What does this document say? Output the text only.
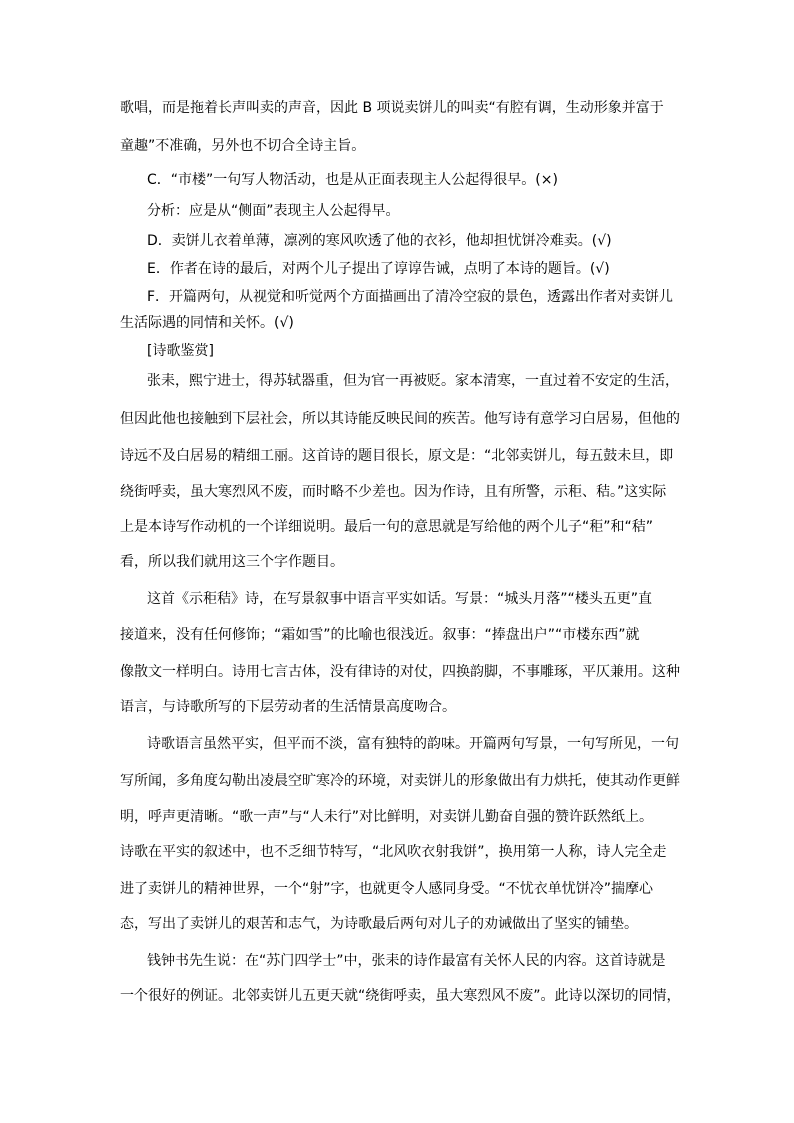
歌唱，而是拖着长声叫卖的声音，因此 B 项说卖饼儿的叫卖“有腔有调，生动形象并富于
童趣”不准确，另外也不切合全诗主旨。
C．“市楼”一句写人物活动，也是从正面表现主人公起得很早。(×)
分析：应是从“侧面”表现主人公起得早。
D．卖饼儿衣着单薄，凛冽的寒风吹透了他的衣衫，他却担忧饼冷难卖。(√)
E．作者在诗的最后，对两个儿子提出了谆谆告诫，点明了本诗的题旨。(√)
F．开篇两句，从视觉和听觉两个方面描画出了清冷空寂的景色，透露出作者对卖饼儿
生活际遇的同情和关怀。(√)
[诗歌鉴赏]
张耒，熙宁进士，得苏轼器重，但为官一再被贬。家本清寒，一直过着不安定的生活，
但因此他也接触到下层社会，所以其诗能反映民间的疾苦。他写诗有意学习白居易，但他的
诗远不及白居易的精细工丽。这首诗的题目很长，原文是：“北邻卖饼儿，每五鼓未旦，即
绕街呼卖，虽大寒烈风不废，而时略不少差也。因为作诗，且有所警，示秬、秸。”这实际
上是本诗写作动机的一个详细说明。最后一句的意思就是写给他的两个儿子“秬”和“秸”
看，所以我们就用这三个字作题目。
这首《示秬秸》诗，在写景叙事中语言平实如话。写景：“城头月落”“楼头五更”直
接道来，没有任何修饰；“霜如雪”的比喻也很浅近。叙事：“捧盘出户”“市楼东西”就
像散文一样明白。诗用七言古体，没有律诗的对仗，四换韵脚，不事雕琢，平仄兼用。这种
语言，与诗歌所写的下层劳动者的生活情景高度吻合。
诗歌语言虽然平实，但平而不淡，富有独特的韵味。开篇两句写景，一句写所见，一句
写所闻，多角度勾勒出凌晨空旷寒冷的环境，对卖饼儿的形象做出有力烘托，使其动作更鲜
明，呼声更清晰。“歌一声”与“人未行”对比鲜明，对卖饼儿勤奋自强的赞许跃然纸上。
诗歌在平实的叙述中，也不乏细节特写，“北风吹衣射我饼”，换用第一人称，诗人完全走
进了卖饼儿的精神世界，一个“射”字，也就更令人感同身受。“不忧衣单忧饼冷”揣摩心
态，写出了卖饼儿的艰苦和志气，为诗歌最后两句对儿子的劝诫做出了坚实的铺垫。
钱钟书先生说：在“苏门四学士”中，张耒的诗作最富有关怀人民的内容。这首诗就是
一个很好的例证。北邻卖饼儿五更天就“绕街呼卖，虽大寒烈风不废”。此诗以深切的同情，
